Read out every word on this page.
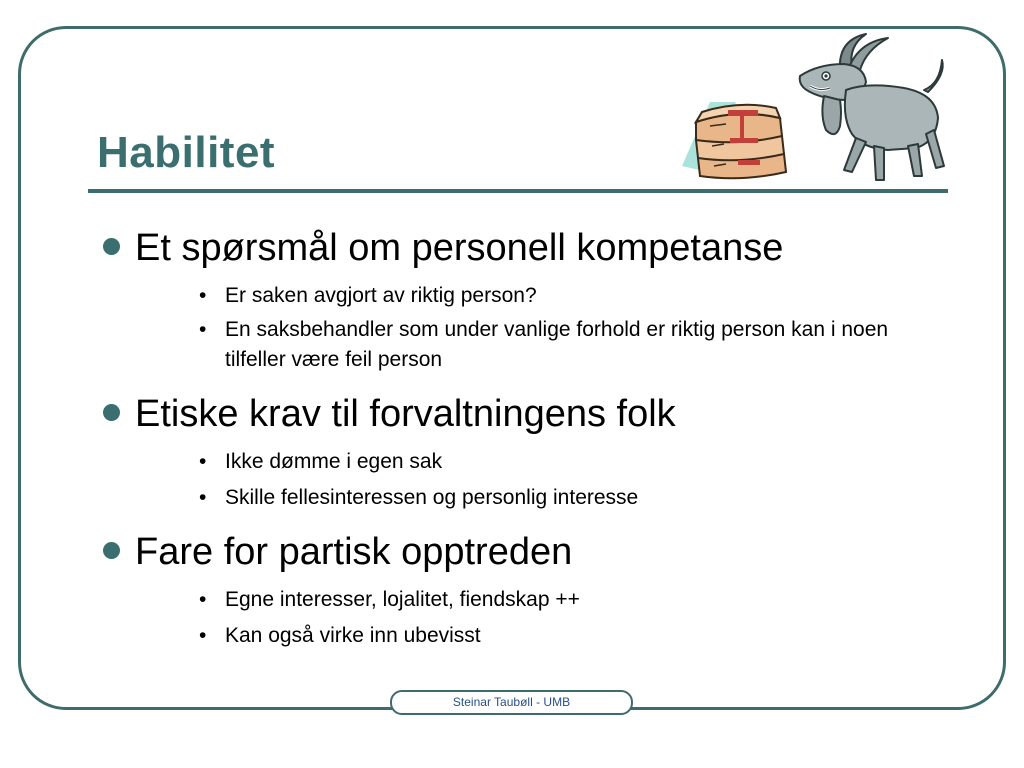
Habilitet
Et spørsmål om personell kompetanse
• Er saken avgjort av riktig person?
• En saksbehandler som under vanlige forhold er riktig person kan i noen tilfeller være feil person
Etiske krav til forvaltningens folk
• Ikke dømme i egen sak
• Skille fellesinteressen og personlig interesse
Fare for partisk opptreden
• Egne interesser, lojalitet, fiendskap ++
• Kan også virke inn ubevisst
Steinar Taubøll - UMB
